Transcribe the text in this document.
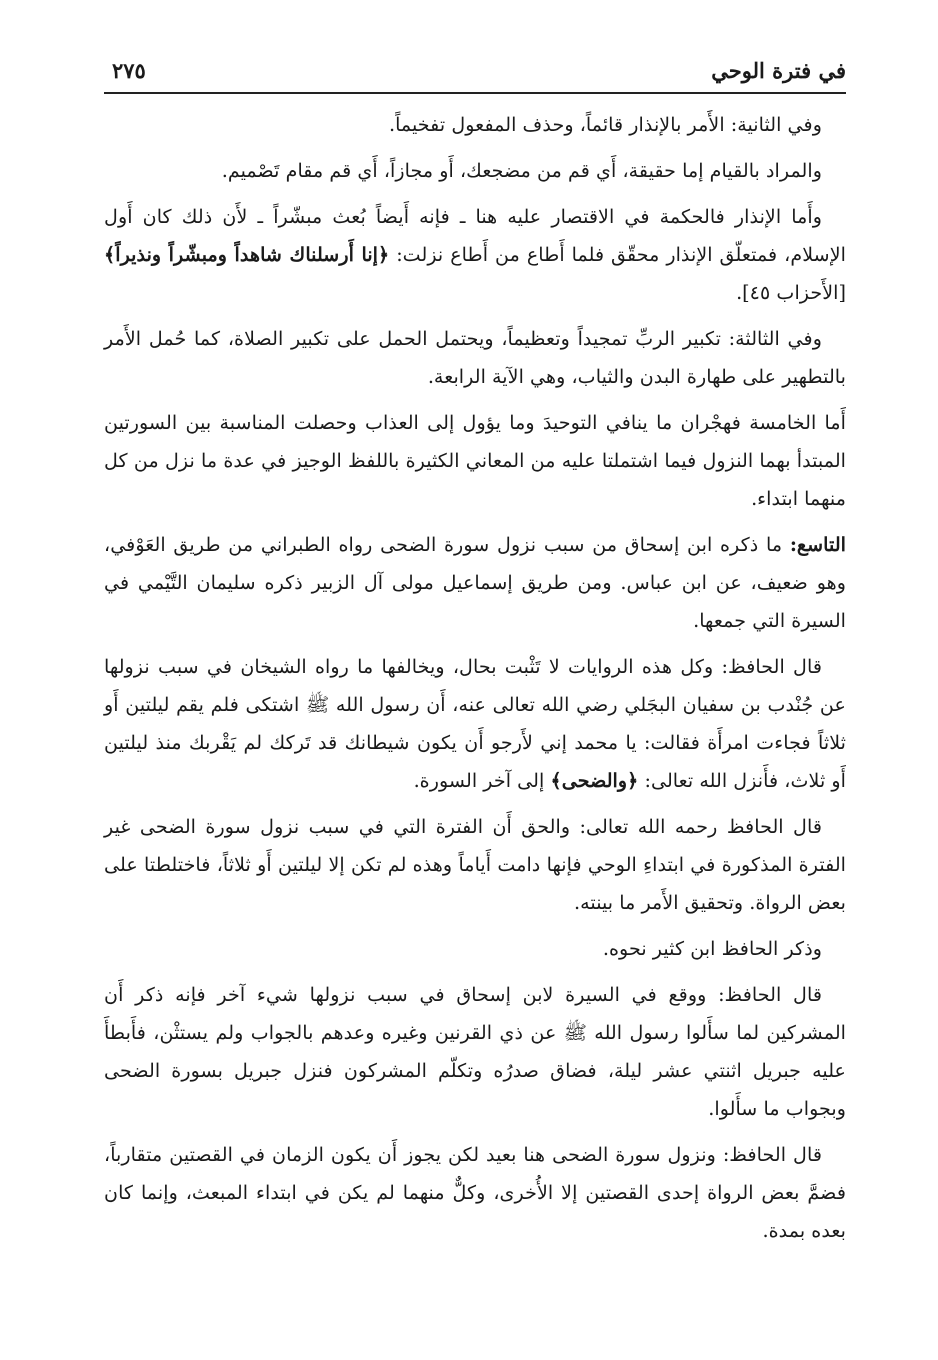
في فترة الوحي
٢٧٥

وفي الثانية: الأَمر بالإنذار قائماً، وحذف المفعول تفخيماً.

والمراد بالقيام إما حقيقة، أَي قم من مضجعك، أَو مجازاً، أَي قم مقام تَصْميم.

وأَما الإنذار فالحكمة في الاقتصار عليه هنا ـ فإنه أَيضاً بُعث مبشّراً ـ لأَن ذلك كان أَول الإسلام، فمتعلّق الإنذار محقّق فلما أَطاع من أَطاع نزلت: ﴿إنا أَرسلناك شاهداً ومبشّراً ونذيراً﴾ [الأَحزاب ٤٥].

وفي الثالثة: تكبير الربِّ تمجيداً وتعظيماً، ويحتمل الحمل على تكبير الصلاة، كما حُمل الأَمر بالتطهير على طهارة البدن والثياب، وهي الآية الرابعة.

أَما الخامسة فهجْران ما ينافي التوحيدَ وما يؤول إلى العذاب وحصلت المناسبة بين السورتين المبتدأ بهما النزول فيما اشتملتا عليه من المعاني الكثيرة باللفظ الوجيز في عدة ما نزل من كل منهما ابتداء.

التاسع: ما ذكره ابن إسحاق من سبب نزول سورة الضحى رواه الطبراني من طريق العَوْفي، وهو ضعيف، عن ابن عباس. ومن طريق إسماعيل مولى آل الزبير ذكره سليمان التَّيْمي في السيرة التي جمعها.

قال الحافظ: وكل هذه الروايات لا تَثْبت بحال، ويخالفها ما رواه الشيخان في سبب نزولها عن جُنْدب بن سفيان البجَلي رضي الله تعالى عنه، أَن رسول الله ﷺ اشتكى فلم يقم ليلتين أَو ثلاثاً فجاءت امرأَة فقالت: يا محمد إني لأَرجو أَن يكون شيطانك قد تَركك لم يَقْربك منذ ليلتين أَو ثلاث، فأَنزل الله تعالى: ﴿والضحى﴾ إلى آخر السورة.

قال الحافظ رحمه الله تعالى: والحق أَن الفترة التي في سبب نزول سورة الضحى غير الفترة المذكورة في ابتداءِ الوحي فإنها دامت أَياماً وهذه لم تكن إلا ليلتين أَو ثلاثاً، فاختلطتا على بعض الرواة. وتحقيق الأَمر ما بينته.

وذكر الحافظ ابن كثير نحوه.

قال الحافظ: ووقع في السيرة لابن إسحاق في سبب نزولها شيء آخر فإنه ذكر أَن المشركين لما سأَلوا رسول الله ﷺ عن ذي القرنين وغيره وعدهم بالجواب ولم يستثْن، فأَبطأَ عليه جبريل اثنتي عشر ليلة، فضاق صدرُه وتكلّم المشركون فنزل جبريل بسورة الضحى وبجواب ما سأَلوا.

قال الحافظ: ونزول سورة الضحى هنا بعيد لكن يجوز أَن يكون الزمان في القصتين متقارباً، فضمَّ بعض الرواة إحدى القصتين إلا الأُخرى، وكلٌّ منهما لم يكن في ابتداء المبعث، وإنما كان بعده بمدة.
